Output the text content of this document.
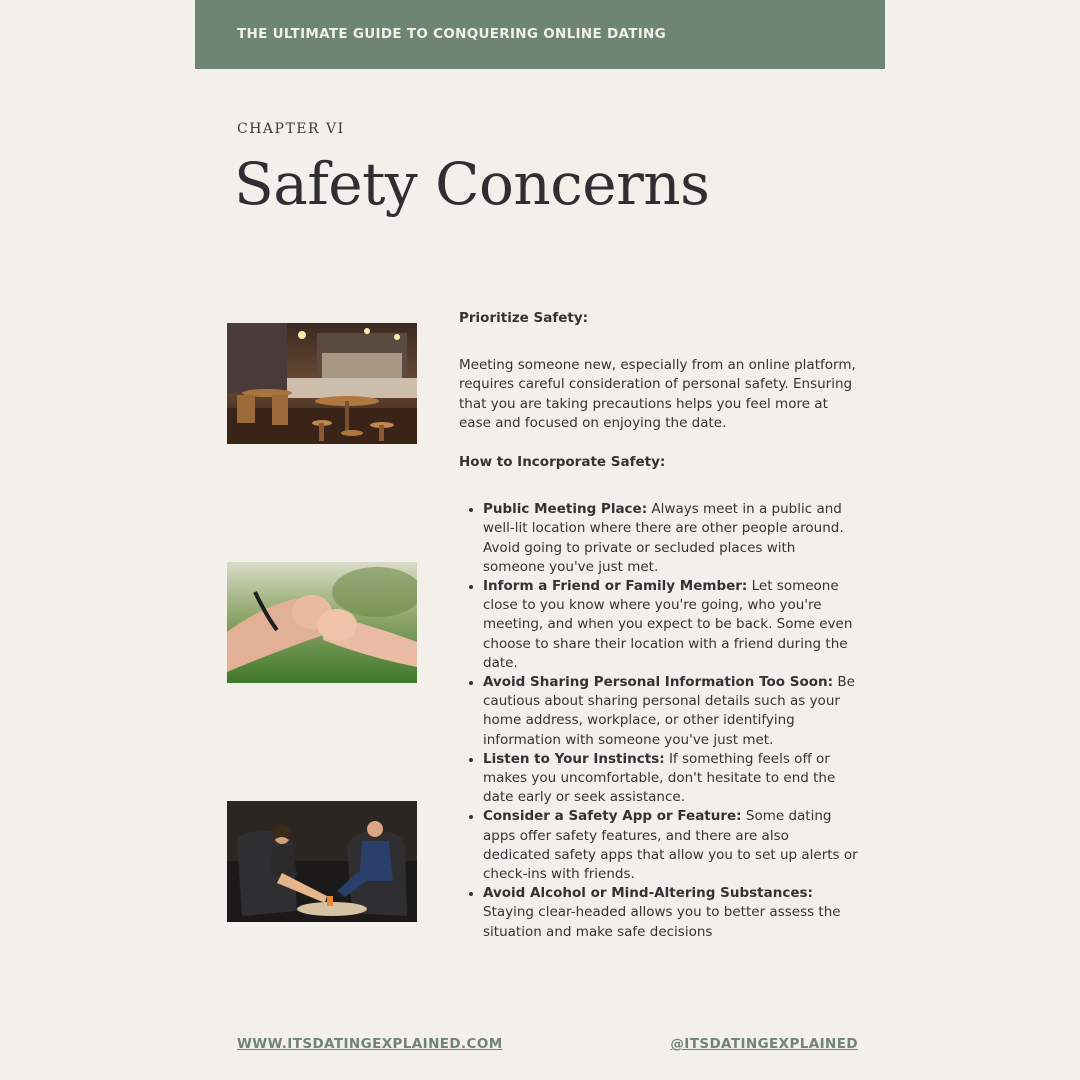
THE ULTIMATE GUIDE TO CONQUERING ONLINE DATING
CHAPTER VI
Safety Concerns

Prioritize Safety:

Meeting someone new, especially from an online platform, requires careful consideration of personal safety. Ensuring that you are taking precautions helps you feel more at ease and focused on enjoying the date.

How to Incorporate Safety:

• Public Meeting Place: Always meet in a public and well-lit location where there are other people around. Avoid going to private or secluded places with someone you've just met.
• Inform a Friend or Family Member: Let someone close to you know where you're going, who you're meeting, and when you expect to be back. Some even choose to share their location with a friend during the date.
• Avoid Sharing Personal Information Too Soon: Be cautious about sharing personal details such as your home address, workplace, or other identifying information with someone you've just met.
• Listen to Your Instincts: If something feels off or makes you uncomfortable, don't hesitate to end the date early or seek assistance.
• Consider a Safety App or Feature: Some dating apps offer safety features, and there are also dedicated safety apps that allow you to set up alerts or check-ins with friends.
• Avoid Alcohol or Mind-Altering Substances: Staying clear-headed allows you to better assess the situation and make safe decisions
WWW.ITSDATINGEXPLAINED.COM	@ITSDATINGEXPLAINED
